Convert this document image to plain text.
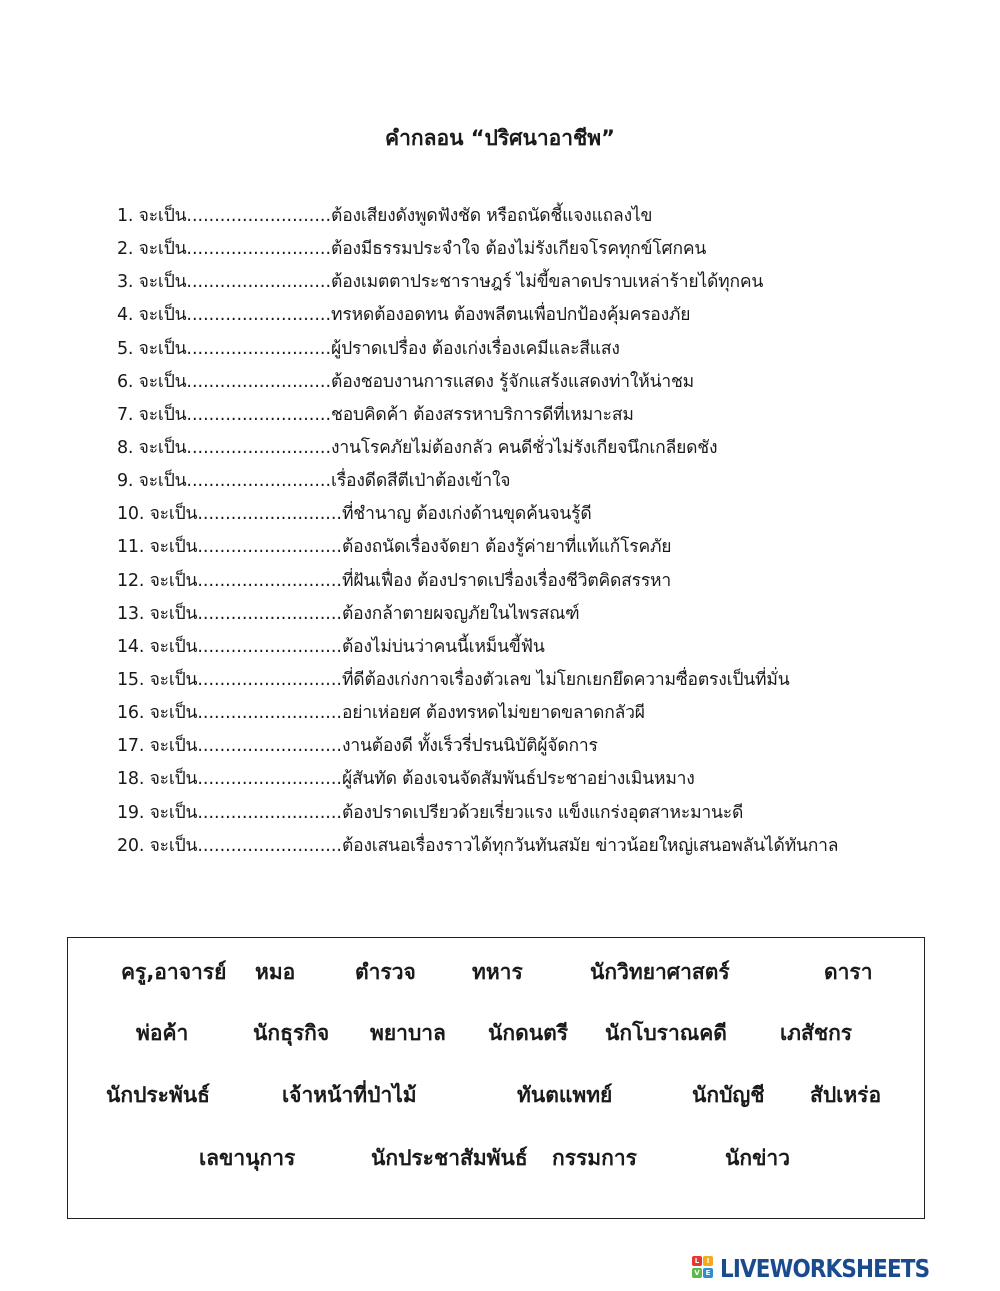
คำกลอน “ปริศนาอาชีพ”
1. จะเป็น..........................ต้องเสียงดังพูดฟังชัด หรือถนัดชี้แจงแถลงไข
2. จะเป็น..........................ต้องมีธรรมประจำใจ ต้องไม่รังเกียจโรคทุกข์โศกคน
3. จะเป็น..........................ต้องเมตตาประชาราษฎร์ ไม่ขี้ขลาดปราบเหล่าร้ายได้ทุกคน
4. จะเป็น..........................ทรหดต้องอดทน ต้องพลีตนเพื่อปกป้องคุ้มครองภัย
5. จะเป็น..........................ผู้ปราดเปรื่อง ต้องเก่งเรื่องเคมีและสีแสง
6. จะเป็น..........................ต้องชอบงานการแสดง รู้จักแสร้งแสดงท่าให้น่าชม
7. จะเป็น..........................ชอบคิดค้า ต้องสรรหาบริการดีที่เหมาะสม
8. จะเป็น..........................งานโรคภัยไม่ต้องกลัว คนดีชั่วไม่รังเกียจนึกเกลียดชัง
9. จะเป็น..........................เรื่องดีดสีตีเป่าต้องเข้าใจ
10. จะเป็น..........................ที่ชำนาญ ต้องเก่งด้านขุดค้นจนรู้ดี
11. จะเป็น..........................ต้องถนัดเรื่องจัดยา ต้องรู้ค่ายาที่แท้แก้โรคภัย
12. จะเป็น..........................ที่ฝันเฟื่อง ต้องปราดเปรื่องเรื่องชีวิตคิดสรรหา
13. จะเป็น..........................ต้องกล้าตายผจญภัยในไพรสณฑ์
14. จะเป็น..........................ต้องไม่บ่นว่าคนนี้เหม็นขี้ฟัน
15. จะเป็น..........................ที่ดีต้องเก่งกาจเรื่องตัวเลข ไม่โยกเยกยึดความซื่อตรงเป็นที่มั่น
16. จะเป็น..........................อย่าเห่อยศ ต้องทรหดไม่ขยาดขลาดกลัวผี
17. จะเป็น..........................งานต้องดี ทั้งเร็วรี่ปรนนิบัติผู้จัดการ
18. จะเป็น..........................ผู้สันทัด ต้องเจนจัดสัมพันธ์ประชาอย่างเมินหมาง
19. จะเป็น..........................ต้องปราดเปรียวด้วยเรี่ยวแรง แข็งแกร่งอุตสาหะมานะดี
20. จะเป็น..........................ต้องเสนอเรื่องราวได้ทุกวันทันสมัย ข่าวน้อยใหญ่เสนอพลันได้ทันกาล
ครู,อาจารย์ หมอ	ตำรวจ	ทหาร	นักวิทยาศาสตร์	ดารา
พ่อค้า	นักธุรกิจ พยาบาล นักดนตรี นักโบราณคดี	เภสัชกร
นักประพันธ์	เจ้าหน้าที่ป่าไม้	ทันตแพทย์	นักบัญชี สัปเหร่อ
เลขานุการ	นักประชาสัมพันธ์ กรรมการ	นักข่าว
L	I
V E LIVEWORKSHEETS
